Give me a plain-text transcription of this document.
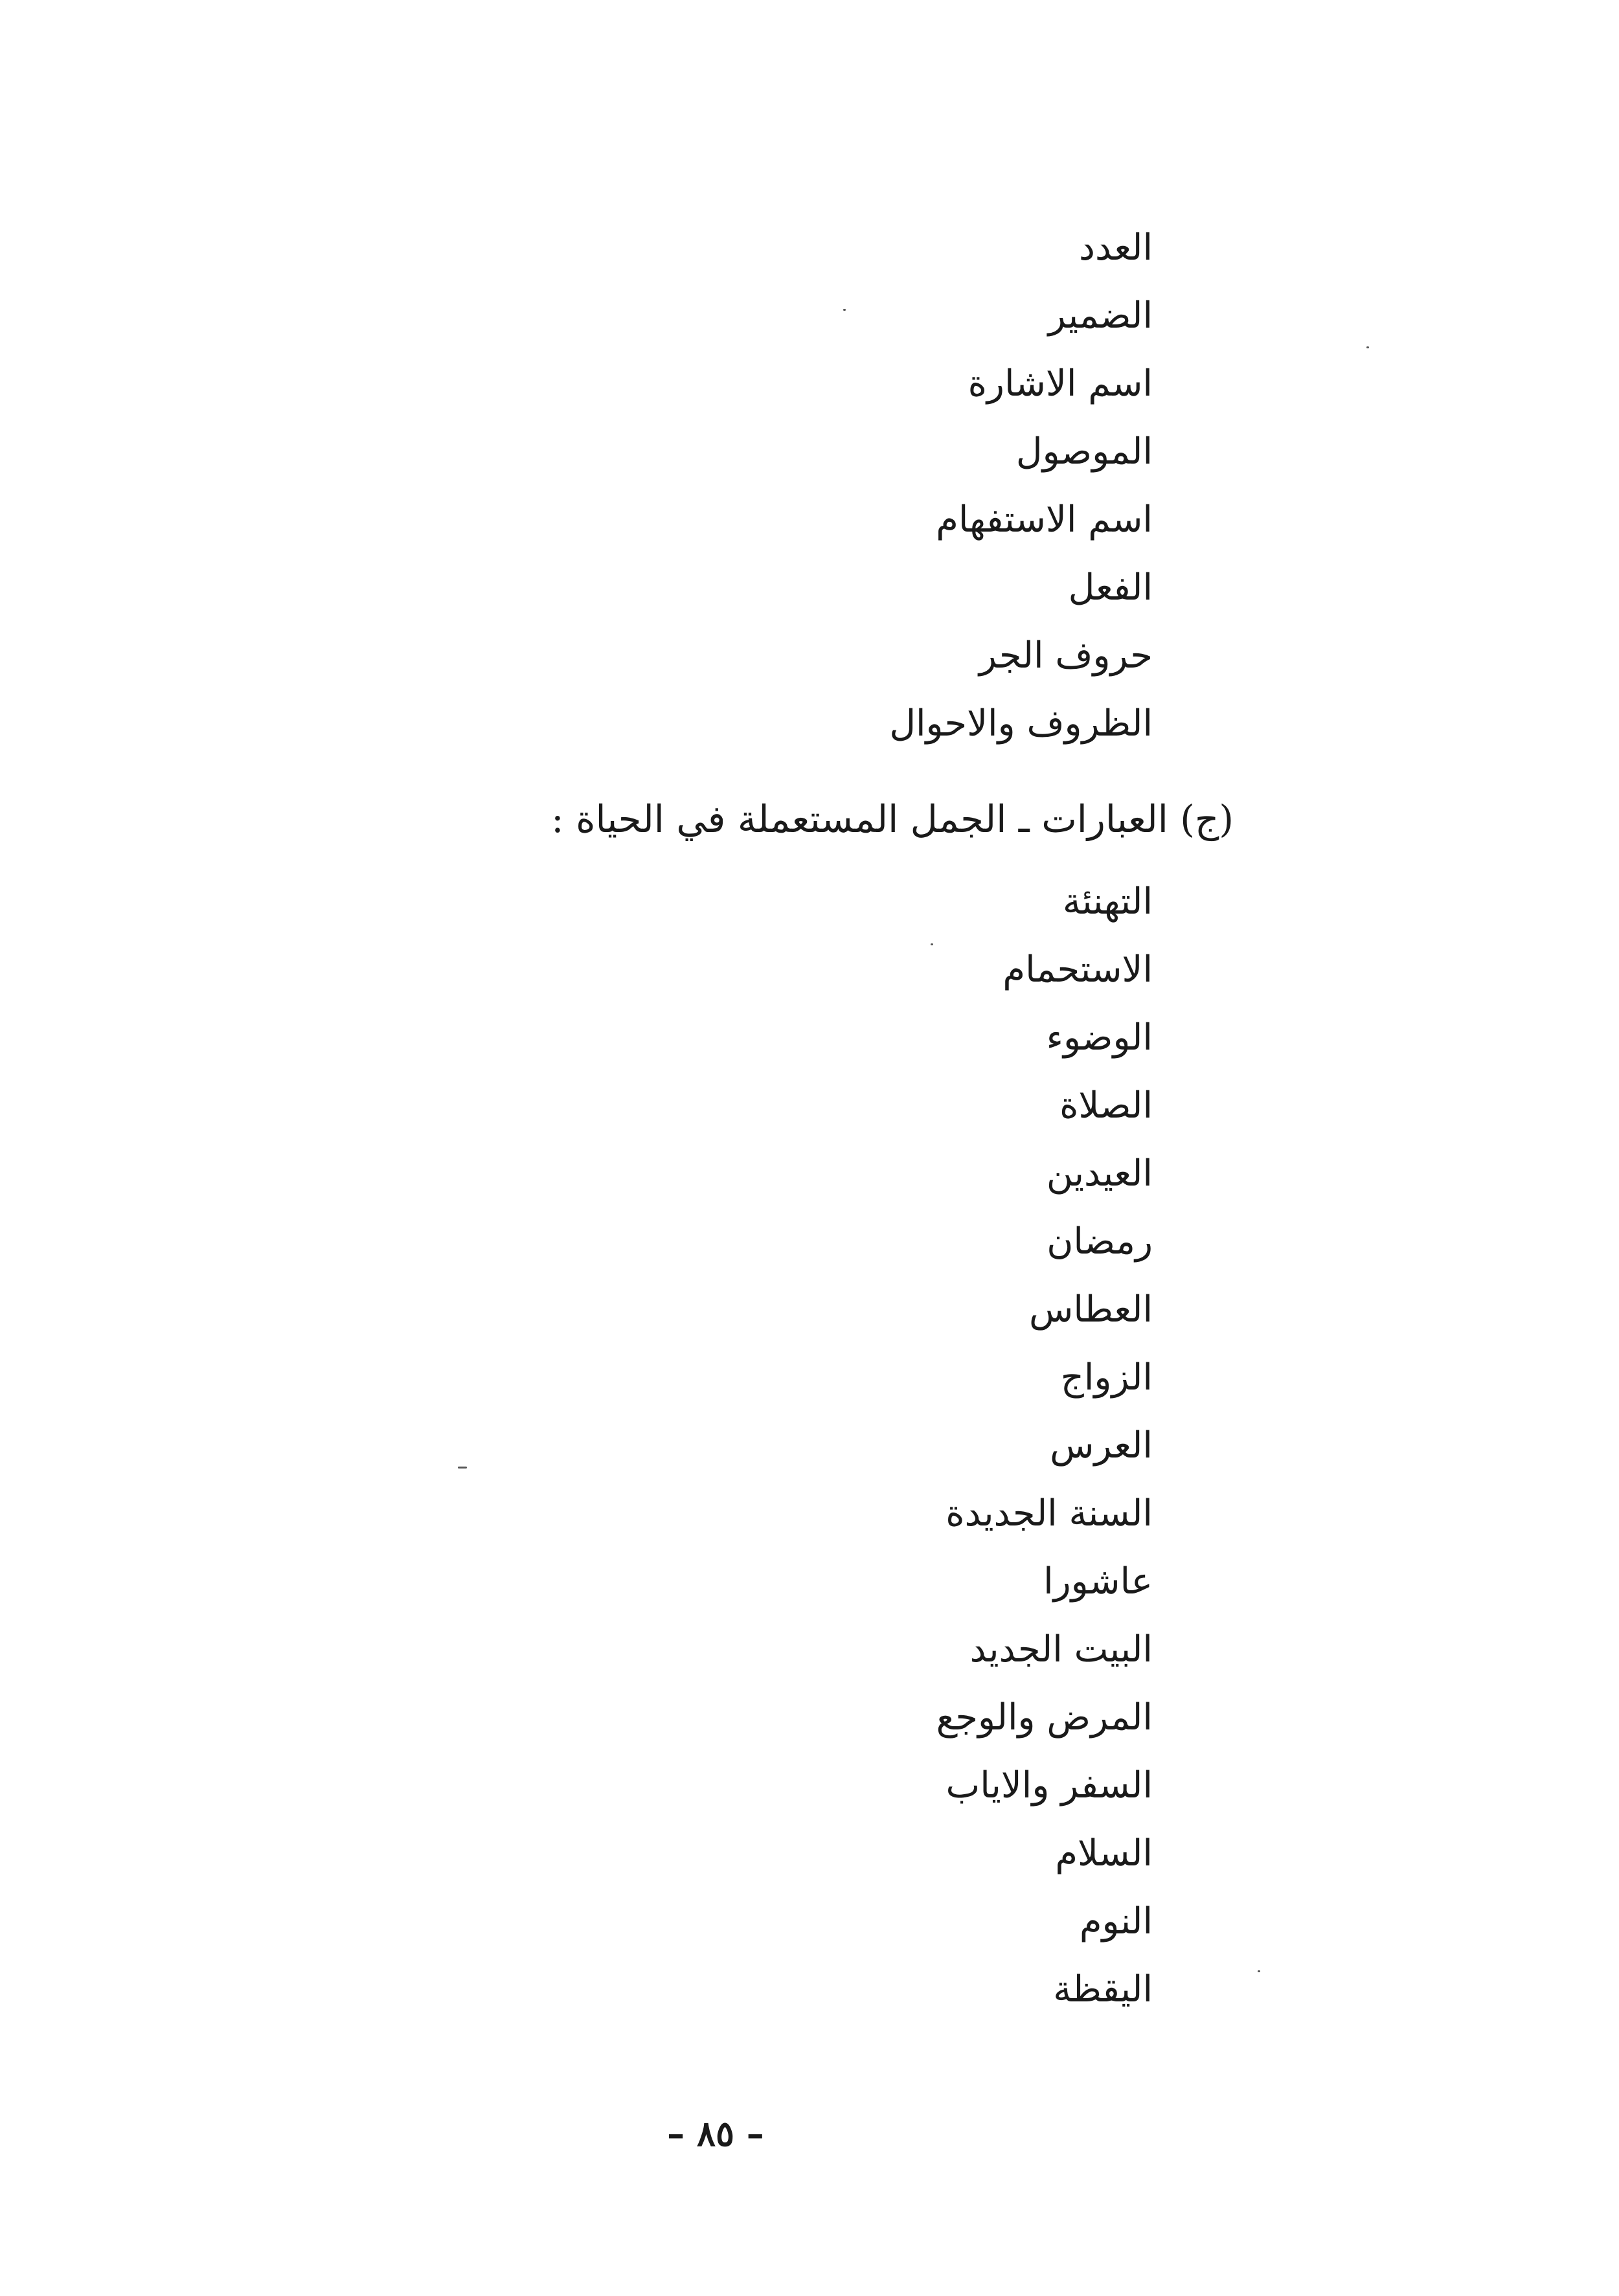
العدد
الضمير
اسم الاشارة
الموصول
اسم الاستفهام
الفعل
حروف الجر
الظروف والاحوال
(ج) العبارات ـ الجمل المستعملة في الحياة :
التهنئة
الاستحمام
الوضوء
الصلاة
العيدين
رمضان
العطاس
الزواج
العرس
السنة الجديدة
عاشورا
البيت الجديد
المرض والوجع
السفر والاياب
السلام
النوم
اليقظة
– ٨٥ –
